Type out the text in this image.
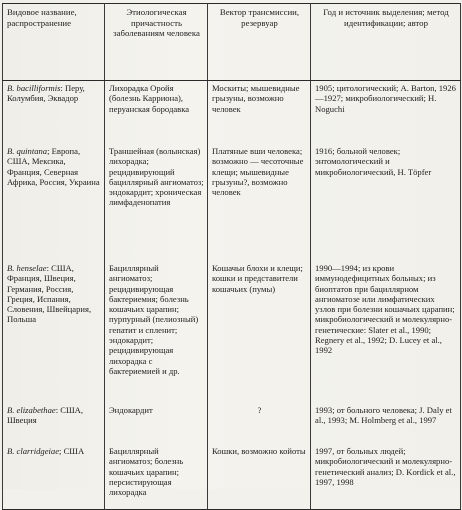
Видовое название, распространение	Этиологическая причастность заболеваниям человека	Вектор трансмиссии, резервуар	Год и источник выделения; метод идентификации; автор
B. bacilliformis: Перу, Колумбия, Эквадор	Лихорадка Оройя (болезнь Карриона), перуанская бородавка	Москиты; мышевидные грызуны, возможно человек	1905; цитологический; A. Barton, 1926—1927; микробиологический; H. Noguchi
B. quintana; Европа, США, Мексика, Франция, Северная Африка, Россия, Украина	Траншейная (волынская) лихорадка; рецидивирующий бациллярный ангиоматоз; эндокардит; хроническая лимфаденопатия	Платяные вши человека; возможно — чесоточные клещи; мышевидные грызуны?, возможно человек	1916; больной человек; энтомологический и микробиологический, H. Töpfer
B. henselae: США, Франция, Швеция, Германия, Россия, Греция, Испания, Словения, Швейцария, Польша	Бациллярный ангиоматоз; рецидивирующая бактериемия; болезнь кошачьих царапин; пурпурный (пелиозный) гепатит и спленит; эндокардит; рецидивирующая лихорадка с бактериемией и др.	Кошачьи блохи и клещи; кошки и представители кошачьих (пумы)	1990—1994; из крови иммунодефицитных больных; из биоптатов при бациллярном ангиоматозе или лимфатических узлов при болезни кошачьих царапин; микробиологический и молекулярно-генетические: Slater et al., 1990; Regnery et al., 1992; D. Lucey et al., 1992
B. elizabethae: США, Швеция	Эндокардит	?	1993; от больного человека; J. Daly et al., 1993; M. Holmberg et al., 1997
B. clarridgeiae; США	Бациллярный ангиоматоз; болезнь кошачьих царапин; персистирующая лихорадка	Кошки, возможно койоты	1997, от больных людей; микробиологический и молекулярно-генетический анализ; D. Kordick et al., 1997, 1998
